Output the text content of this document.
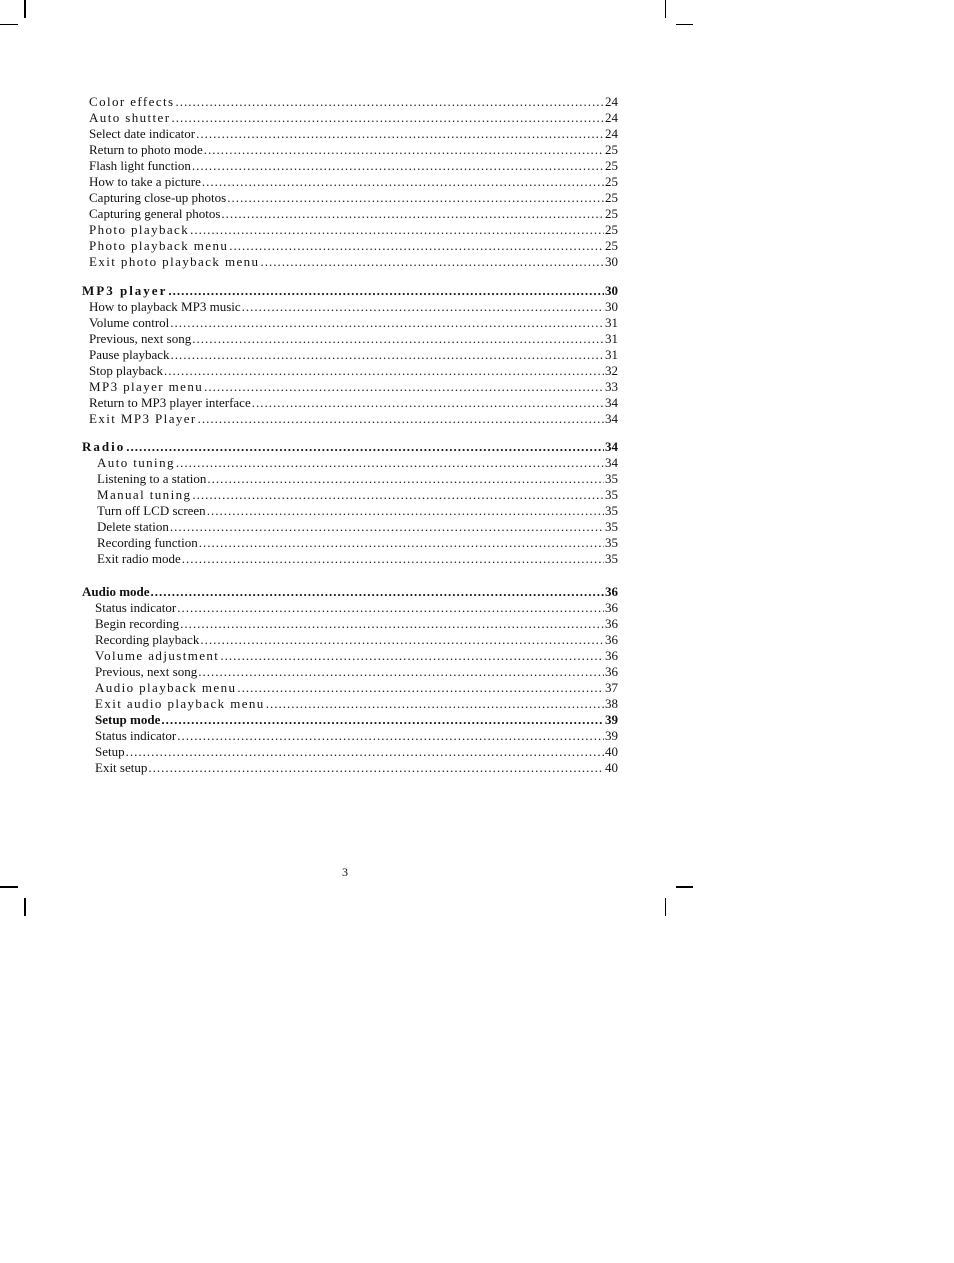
Color effects .....	24
Auto shutter .....	24
Select date indicator .....	24
Return to photo mode .....	25
Flash light function .....	25
How to take a picture .....	25
Capturing close-up photos .....	25
Capturing general photos .....	25
Photo playback .....	25
Photo playback menu .....	25
Exit photo playback menu .....	30
MP3 player .....	30
How to playback MP3 music .....	30
Volume control .....	31
Previous, next song .....	31
Pause playback .....	31
Stop playback .....	32
MP3 player menu .....	33
Return to MP3 player interface .....	34
Exit MP3 Player .....	34
Radio .....	34
Auto tuning .....	34
Listening to a station .....	35
Manual tuning .....	35
Turn off LCD screen .....	35
Delete station .....	35
Recording function .....	35
Exit radio mode .....	35
Audio mode .....	36
Status indicator .....	36
Begin recording .....	36
Recording playback .....	36
Volume adjustment .....	36
Previous, next song .....	36
Audio playback menu .....	37
Exit audio playback menu .....	38
Setup mode .....	39
Status indicator .....	39
Setup .....	40
Exit setup .....	40
3
